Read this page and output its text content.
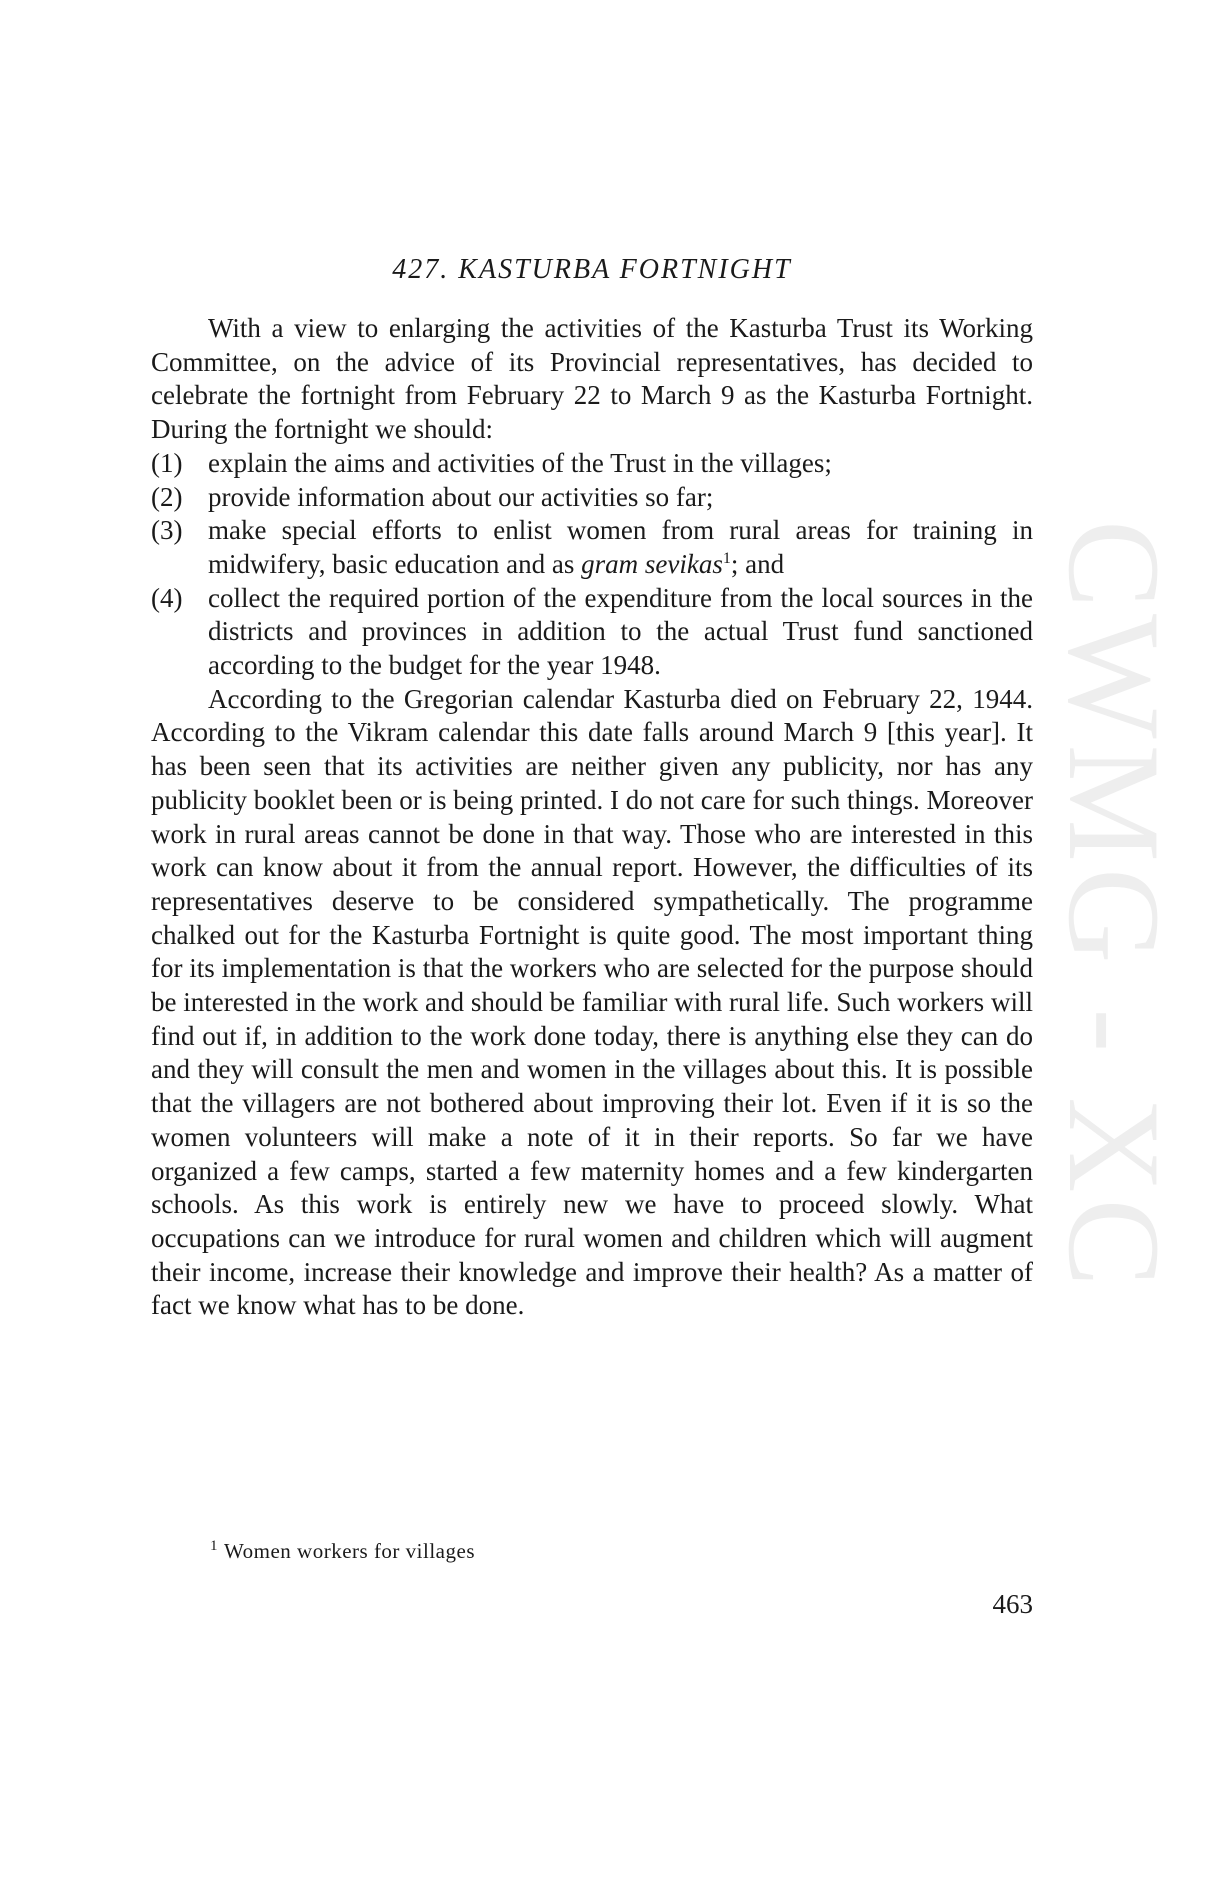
427. KASTURBA FORTNIGHT

With a view to enlarging the activities of the Kasturba Trust its Working Committee, on the advice of its Provincial representatives, has decided to celebrate the fortnight from February 22 to March 9 as the Kasturba Fortnight. During the fortnight we should:

(1) explain the aims and activities of the Trust in the villages;
(2) provide information about our activities so far;
(3) make special efforts to enlist women from rural areas for training in midwifery, basic education and as gram sevikas$^1$; and
(4) collect the required portion of the expenditure from the local sources in the districts and provinces in addition to the actual Trust fund sanctioned according to the budget for the year 1948.

According to the Gregorian calendar Kasturba died on February 22, 1944. According to the Vikram calendar this date falls around March 9 [this year]. It has been seen that its activities are neither given any publicity, nor has any publicity booklet been or is being printed. I do not care for such things. Moreover work in rural areas cannot be done in that way. Those who are interested in this work can know about it from the annual report. However, the difficulties of its representatives deserve to be considered sympathetically. The programme chalked out for the Kasturba Fortnight is quite good. The most important thing for its implementation is that the workers who are selected for the purpose should be interested in the work and should be familiar with rural life. Such workers will find out if, in addition to the work done today, there is anything else they can do and they will consult the men and women in the villages about this. It is possible that the villagers are not bothered about improving their lot. Even if it is so the women volunteers will make a note of it in their reports. So far we have organized a few camps, started a few maternity homes and a few kindergarten schools. As this work is entirely new we have to proceed slowly. What occupations can we introduce for rural women and children which will augment their income, increase their knowledge and improve their health? As a matter of fact we know what has to be done.

$^1$ Women workers for villages

463

CWMG - XC
